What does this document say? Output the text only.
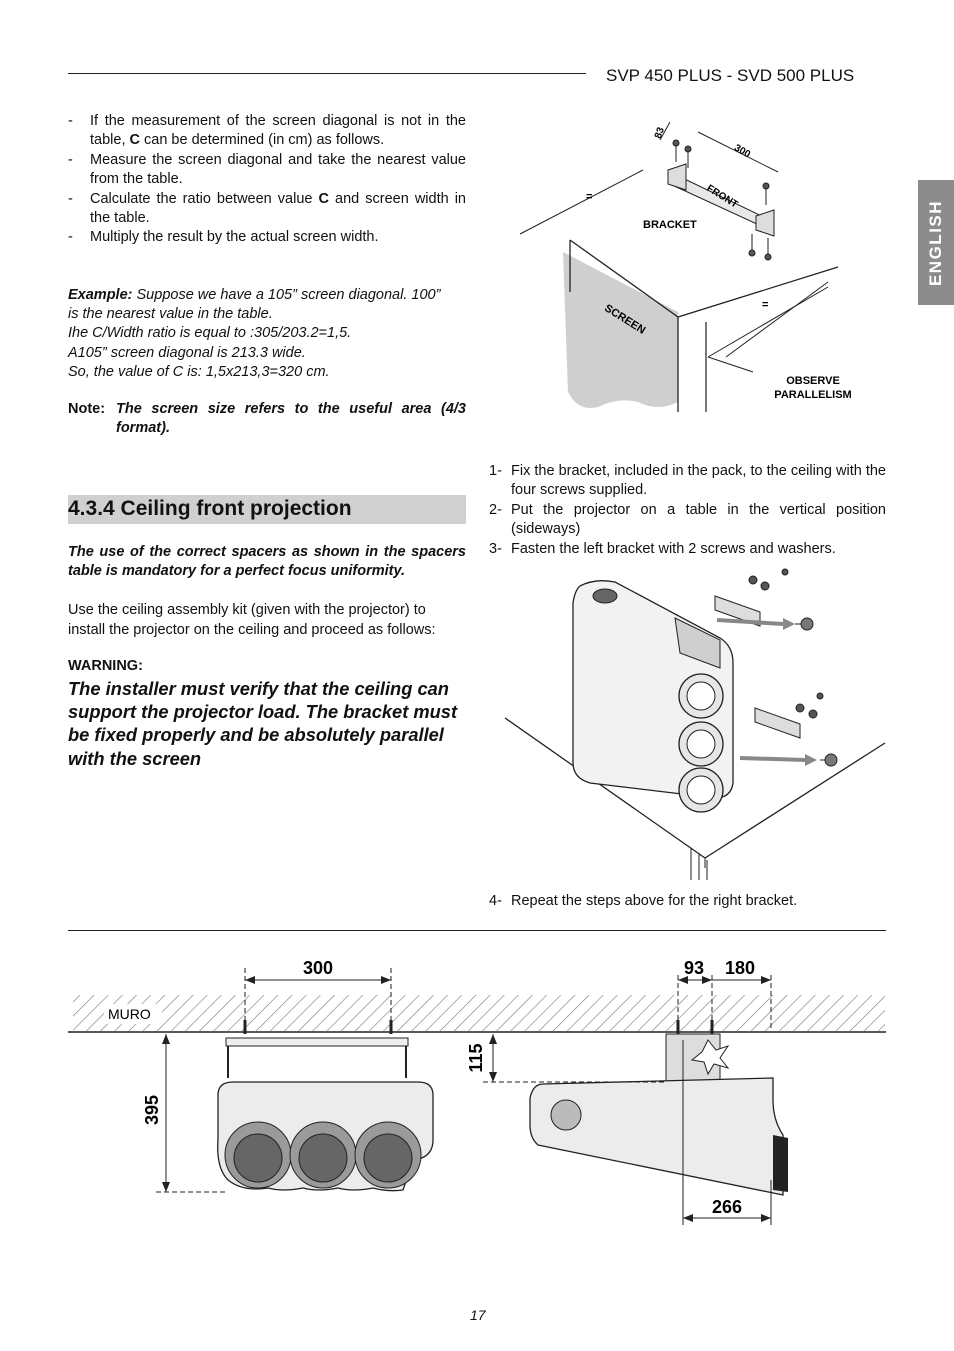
SVP 450 PLUS - SVD 500 PLUS
ENGLISH
-	If the measurement of the screen diagonal is not in the table, C can be determined (in cm) as follows.
-	Measure the screen diagonal and take the nearest value from the table.
-	Calculate the ratio between value C and screen width in the table.
-	Multiply the result by the actual screen width.
Example: Suppose we have a 105” screen diagonal. 100”
is the nearest value in the table.
Ihe C/Width ratio is equal to :305/203.2=1,5.
A105” screen diagonal is 213.3 wide.
So, the value of C is: 1,5x213,3=320 cm.
Note: The screen size refers to the useful area (4/3 format).
4.3.4 Ceiling front projection
The use of the correct spacers as shown in the spacers table is mandatory for a perfect focus uniformity.
Use the ceiling assembly kit (given with the projector) to install the projector on the ceiling and proceed as follows:
WARNING:
The installer must verify that the ceiling can support the projector load. The bracket must be fixed properly and be absolutely parallel with the screen
1- Fix the bracket, included in the pack, to the ceiling with the four screws supplied.
2- Put the projector on a table in the vertical position (sideways)
3- Fasten the left bracket with 2 screws and washers.
4- Repeat the steps above for the right bracket.
83
300
=
=
FRONT
BRACKET
SCREEN
OBSERVE
PARALLELISM
MURO
300
395
93 180
115
266
17
